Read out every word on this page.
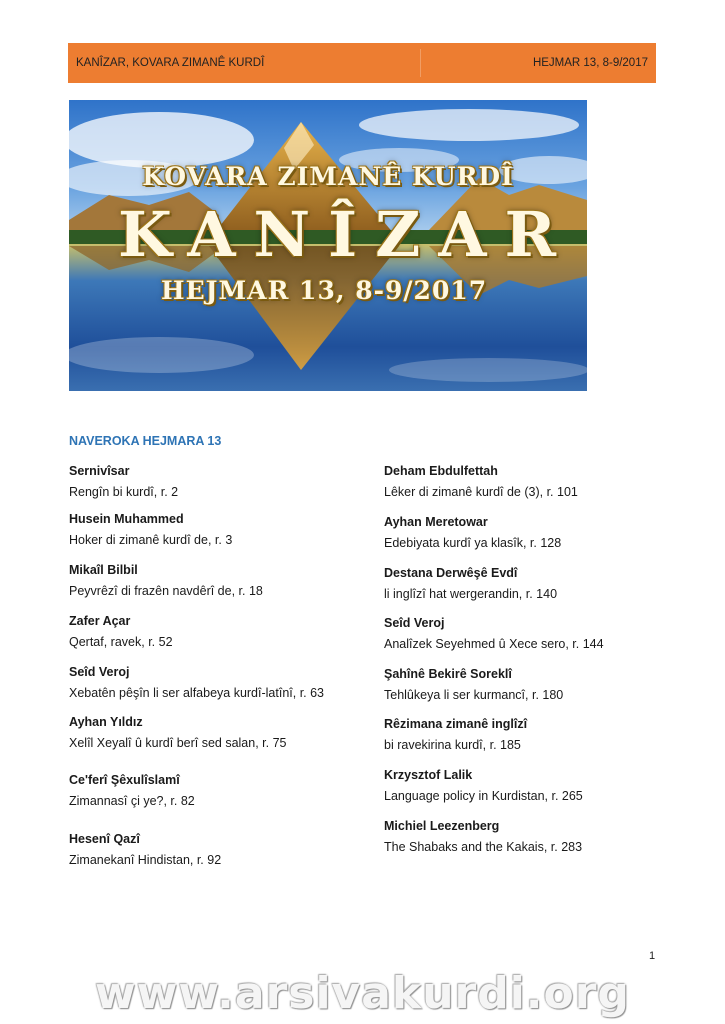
KANÎZAR, KOVARA ZIMANÊ KURDÎ	HEJMAR 13, 8-9/2017
KOVARA ZIMANÊ KURDÎ
KANÎZAR
HEJMAR 13, 8-9/2017
NAVEROKA HEJMARA 13
Sernivîsar
Rengîn bi kurdî, r. 2
Husein Muhammed
Hoker di zimanê kurdî de, r. 3
Mikaîl Bilbil
Peyvrêzî di frazên navdêrî de, r. 18
Zafer Açar
Qertaf, ravek, r. 52
Seîd Veroj
Xebatên pêşîn li ser alfabeya kurdî-latînî, r. 63
Ayhan Yıldız
Xelîl Xeyalî û kurdî berî sed salan, r. 75
Ce'ferî Şêxulîslamî
Zimannasî çi ye?, r. 82
Hesenî Qazî
Zimanekanî Hindistan, r. 92
Deham Ebdulfettah
Lêker di zimanê kurdî de (3), r. 101
Ayhan Meretowar
Edebiyata kurdî ya klasîk, r. 128
Destana Derwêşê Evdî
li inglîzî hat wergerandin, r. 140
Seîd Veroj
Analîzek Seyehmed û Xece sero, r. 144
Şahînê Bekirê Soreklî
Tehlûkeya li ser kurmancî, r. 180
Rêzimana zimanê inglîzî
bi ravekirina kurdî, r. 185
Krzysztof Lalik
Language policy in Kurdistan, r. 265
Michiel Leezenberg
The Shabaks and the Kakais, r. 283
1
www.arsivakurdi.org
